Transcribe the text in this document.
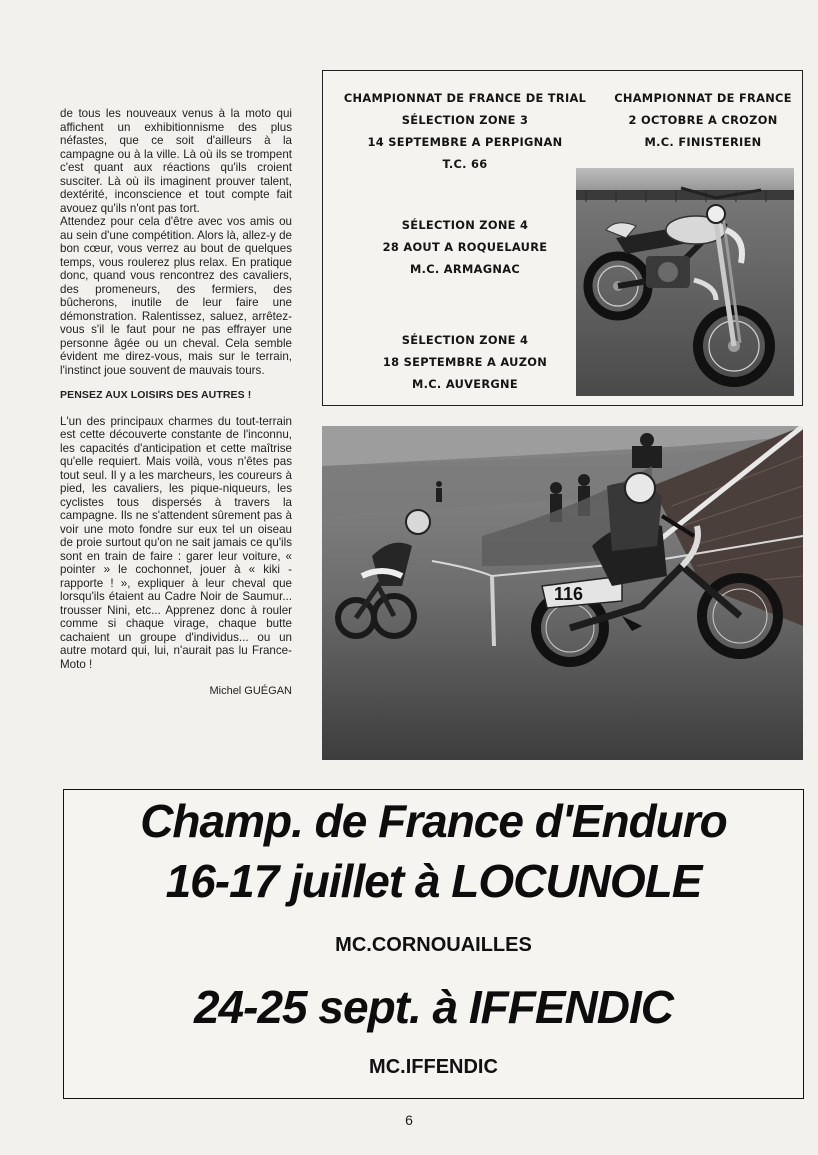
de tous les nouveaux venus à la moto qui affichent un exhibitionnisme des plus néfastes, que ce soit d'ailleurs à la campagne ou à la ville. Là où ils se trompent c'est quant aux réactions qu'ils croient susciter. Là où ils imaginent prouver talent, dextérité, inconscience et tout compte fait avouez qu'ils n'ont pas tort.

Attendez pour cela d'être avec vos amis ou au sein d'une compétition. Alors là, allez-y de bon cœur, vous verrez au bout de quelques temps, vous roulerez plus relax. En pratique donc, quand vous rencontrez des cavaliers, des promeneurs, des fermiers, des bûcherons, inutile de leur faire une démonstration. Ralentissez, saluez, arrêtez-vous s'il le faut pour ne pas effrayer une personne âgée ou un cheval. Cela semble évident me direz-vous, mais sur le terrain, l'instinct joue souvent de mauvais tours.

PENSEZ AUX LOISIRS DES AUTRES !

L'un des principaux charmes du tout-terrain est cette découverte constante de l'inconnu, les capacités d'anticipation et cette maîtrise qu'elle requiert. Mais voilà, vous n'êtes pas tout seul. Il y a les marcheurs, les coureurs à pied, les cavaliers, les pique-niqueurs, les cyclistes tous dispersés à travers la campagne. Ils ne s'attendent sûrement pas à voir une moto fondre sur eux tel un oiseau de proie surtout qu'on ne sait jamais ce qu'ils sont en train de faire : garer leur voiture, « pointer » le cochonnet, jouer à « kiki - rapporte ! », expliquer à leur cheval que lorsqu'ils étaient au Cadre Noir de Saumur... trousser Nini, etc... Apprenez donc à rouler comme si chaque virage, chaque butte cachaient un groupe d'individus... ou un autre motard qui, lui, n'aurait pas lu France-Moto !

Michel GUÉGAN

CHAMPIONNAT DE FRANCE DE TRIAL
SÉLECTION ZONE 3
14 SEPTEMBRE A PERPIGNAN
T.C. 66
SÉLECTION ZONE 4
28 AOUT A ROQUELAURE
M.C. ARMAGNAC
SÉLECTION ZONE 4
18 SEPTEMBRE A AUZON
M.C. AUVERGNE
CHAMPIONNAT DE FRANCE
2 OCTOBRE A CROZON
M.C. FINISTERIEN
116
Champ. de France d'Enduro
16-17 juillet à LOCUNOLE
MC.CORNOUAILLES
24-25 sept. à IFFENDIC
MC.IFFENDIC
6
